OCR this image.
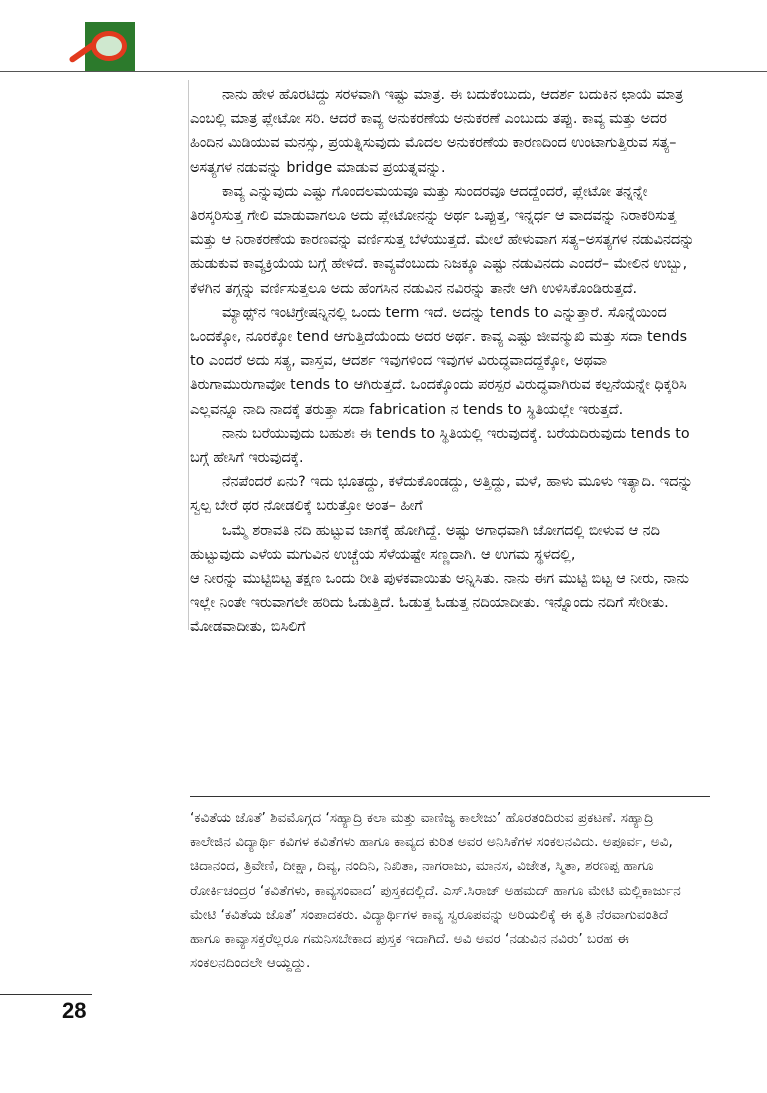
ನಾನು ಹೇಳ ಹೊರಟಿದ್ದು ಸರಳವಾಗಿ ಇಷ್ಟು ಮಾತ್ರ. ಈ ಬದುಕೆಂಬುದು, ಆದರ್ಶ ಬದುಕಿನ ಛಾಯೆ ಮಾತ್ರ ಎಂಬಲ್ಲಿ ಮಾತ್ರ ಪ್ಲೇಟೋ ಸರಿ. ಆದರೆ ಕಾವ್ಯ ಅನುಕರಣೆಯ ಅನುಕರಣೆ ಎಂಬುದು ತಪ್ಪು. ಕಾವ್ಯ ಮತ್ತು ಅದರ ಹಿಂದಿನ ಮಿಡಿಯುವ ಮನಸ್ಸು, ಪ್ರಯತ್ನಿಸುವುದು ಮೊದಲ ಅನುಕರಣೆಯ ಕಾರಣದಿಂದ ಉಂಟಾಗುತ್ತಿರುವ ಸತ್ಯ–ಅಸತ್ಯಗಳ ನಡುವನ್ನು bridge ಮಾಡುವ ಪ್ರಯತ್ನವನ್ನು.

ಕಾವ್ಯ ಎನ್ನುವುದು ಎಷ್ಟು ಗೊಂದಲಮಯವೂ ಮತ್ತು ಸುಂದರವೂ ಆದದ್ದೆಂದರೆ, ಪ್ಲೇಟೋ ತನ್ನನ್ನೇ ತಿರಸ್ಕರಿಸುತ್ತ ಗೇಲಿ ಮಾಡುವಾಗಲೂ ಅದು ಪ್ಲೇಟೋನನ್ನು ಅರ್ಥ ಒಪ್ಪುತ್ತ, ಇನ್ನರ್ಧ ಆ ವಾದವನ್ನು ನಿರಾಕರಿಸುತ್ತ ಮತ್ತು ಆ ನಿರಾಕರಣೆಯ ಕಾರಣವನ್ನು ವರ್ಣಿಸುತ್ತ ಬೆಳೆಯುತ್ತದೆ. ಮೇಲೆ ಹೇಳುವಾಗ ಸತ್ಯ–ಅಸತ್ಯಗಳ ನಡುವಿನದನ್ನು ಹುಡುಕುವ ಕಾವ್ಯಕ್ರಿಯೆಯ ಬಗ್ಗೆ ಹೇಳಿದೆ. ಕಾವ್ಯವೆಂಬುದು ನಿಜಕ್ಕೂ ಎಷ್ಟು ನಡುವಿನದು ಎಂದರೆ– ಮೇಲಿನ ಉಬ್ಬು, ಕೆಳಗಿನ ತಗ್ಗನ್ನು ವರ್ಣಿಸುತ್ತಲೂ ಅದು ಹೆಂಗಸಿನ ನಡುವಿನ ನವಿರನ್ನು ತಾನೇ ಆಗಿ ಉಳಿಸಿಕೊಂಡಿರುತ್ತದೆ.

ಮ್ಯಾಥ್ಸ್‌ನ ಇಂಟಿಗ್ರೇಷನ್ನಿನಲ್ಲಿ ಒಂದು term ಇದೆ. ಅದನ್ನು tends to ಎನ್ನುತ್ತಾರೆ. ಸೊನ್ನೆಯಿಂದ ಒಂದಕ್ಕೋ, ನೂರಕ್ಕೋ tend ಆಗುತ್ತಿದೆಯೆಂದು ಅದರ ಅರ್ಥ. ಕಾವ್ಯ ಎಷ್ಟು ಜೀವನ್ಮುಖಿ ಮತ್ತು ಸದಾ tends to ಎಂದರೆ ಅದು ಸತ್ಯ, ವಾಸ್ತವ, ಆದರ್ಶ ಇವುಗಳಿಂದ ಇವುಗಳ ವಿರುದ್ಧವಾದದ್ದಕ್ಕೋ, ಅಥವಾ ತಿರುಗಾಮುರುಗಾವೋ tends to ಆಗಿರುತ್ತದೆ. ಒಂದಕ್ಕೊಂದು ಪರಸ್ಪರ ವಿರುದ್ಧವಾಗಿರುವ ಕಲ್ಪನೆಯನ್ನೇ ಧಿಕ್ಕರಿಸಿ ಎಲ್ಲವನ್ನೂ ನಾದಿ ನಾದಕ್ಕೆ ತರುತ್ತಾ ಸದಾ fabrication ನ tends to ಸ್ಥಿತಿಯಲ್ಲೇ ಇರುತ್ತದೆ.

ನಾನು ಬರೆಯುವುದು ಬಹುಶಃ ಈ tends to ಸ್ಥಿತಿಯಲ್ಲಿ ಇರುವುದಕ್ಕೆ. ಬರೆಯದಿರುವುದು tends to ಬಗ್ಗೆ ಹೇಸಿಗೆ ಇರುವುದಕ್ಕೆ.

ನೆನಪೆಂದರೆ ಏನು? ಇದು ಭೂತದ್ದು, ಕಳೆದುಕೊಂಡದ್ದು, ಅತ್ತಿದ್ದು, ಮಳೆ, ಹಾಳು ಮೂಳು ಇತ್ಯಾದಿ. ಇದನ್ನು ಸ್ವಲ್ಪ ಬೇರೆ ಥರ ನೋಡಲಿಕ್ಕೆ ಬರುತ್ತೋ ಅಂತ– ಹೀಗೆ

ಒಮ್ಮೆ ಶರಾವತಿ ನದಿ ಹುಟ್ಟುವ ಜಾಗಕ್ಕೆ ಹೋಗಿದ್ದೆ. ಅಷ್ಟು ಅಗಾಧವಾಗಿ ಜೋಗದಲ್ಲಿ ಬೀಳುವ ಆ ನದಿ ಹುಟ್ಟುವುದು ಎಳೆಯ ಮಗುವಿನ ಉಚ್ಚೆಯ ಸೆಳೆಯಷ್ಟೇ ಸಣ್ಣದಾಗಿ. ಆ ಉಗಮ ಸ್ಥಳದಲ್ಲಿ,

ಆ ನೀರನ್ನು ಮುಟ್ಟಿಬಿಟ್ಟ ತಕ್ಷಣ ಒಂದು ರೀತಿ ಪುಳಕವಾಯಿತು ಅನ್ನಿಸಿತು. ನಾನು ಈಗ ಮುಟ್ಟಿ ಬಿಟ್ಟ ಆ ನೀರು, ನಾನು ಇಲ್ಲೇ ನಿಂತೇ ಇರುವಾಗಲೇ ಹರಿದು ಓಡುತ್ತಿದೆ. ಓಡುತ್ತ ಓಡುತ್ತ ನದಿಯಾದೀತು. ಇನ್ನೊಂದು ನದಿಗೆ ಸೇರೀತು. ಮೋಡವಾದೀತು, ಬಿಸಿಲಿಗೆ

‘ಕವಿತೆಯ ಜೊತೆ’ ಶಿವಮೊಗ್ಗದ ‘ಸಹ್ಯಾದ್ರಿ ಕಲಾ ಮತ್ತು ವಾಣಿಜ್ಯ ಕಾಲೇಜು’ ಹೊರತಂದಿರುವ ಪ್ರಕಟಣೆ. ಸಹ್ಯಾದ್ರಿ ಕಾಲೇಜಿನ ವಿದ್ಯಾರ್ಥಿ ಕವಿಗಳ ಕವಿತೆಗಳು ಹಾಗೂ ಕಾವ್ಯದ ಕುರಿತ ಅವರ ಅನಿಸಿಕೆಗಳ ಸಂಕಲನವಿದು. ಅಪೂರ್ವ, ಅವಿ, ಚಿದಾನಂದ, ತ್ರಿವೇಣಿ, ದೀಕ್ಷಾ, ದಿವ್ಯ, ನಂದಿನಿ, ನಿಖಿತಾ, ನಾಗರಾಜು, ಮಾನಸ, ವಿಜೇತ, ಸ್ಮಿತಾ, ಶರಣಪ್ಪ ಹಾಗೂ ರೋರ್ಕಿಚಂದ್ರರ ‘ಕವಿತೆಗಳು, ಕಾವ್ಯಸಂವಾದ’ ಪುಸ್ತಕದಲ್ಲಿದೆ. ಎಸ್.ಸಿರಾಜ್ ಅಹಮದ್ ಹಾಗೂ ಮೇಟಿ ಮಲ್ಲಿಕಾರ್ಜುನ ಮೇಟಿ ‘ಕವಿತೆಯ ಜೊತೆ’ ಸಂಪಾದಕರು. ವಿದ್ಯಾರ್ಥಿಗಳ ಕಾವ್ಯ ಸ್ವರೂಪವನ್ನು ಅರಿಯಲಿಕ್ಕೆ ಈ ಕೃತಿ ನೆರವಾಗುವಂತಿದೆ ಹಾಗೂ ಕಾವ್ಯಾಸಕ್ತರೆಲ್ಲರೂ ಗಮನಿಸಬೇಕಾದ ಪುಸ್ತಕ ಇದಾಗಿದೆ. ಅವಿ ಅವರ ‘ನಡುವಿನ ನವಿರು’ ಬರಹ ಈ ಸಂಕಲನದಿಂದಲೇ ಆಯ್ದದ್ದು.

28
